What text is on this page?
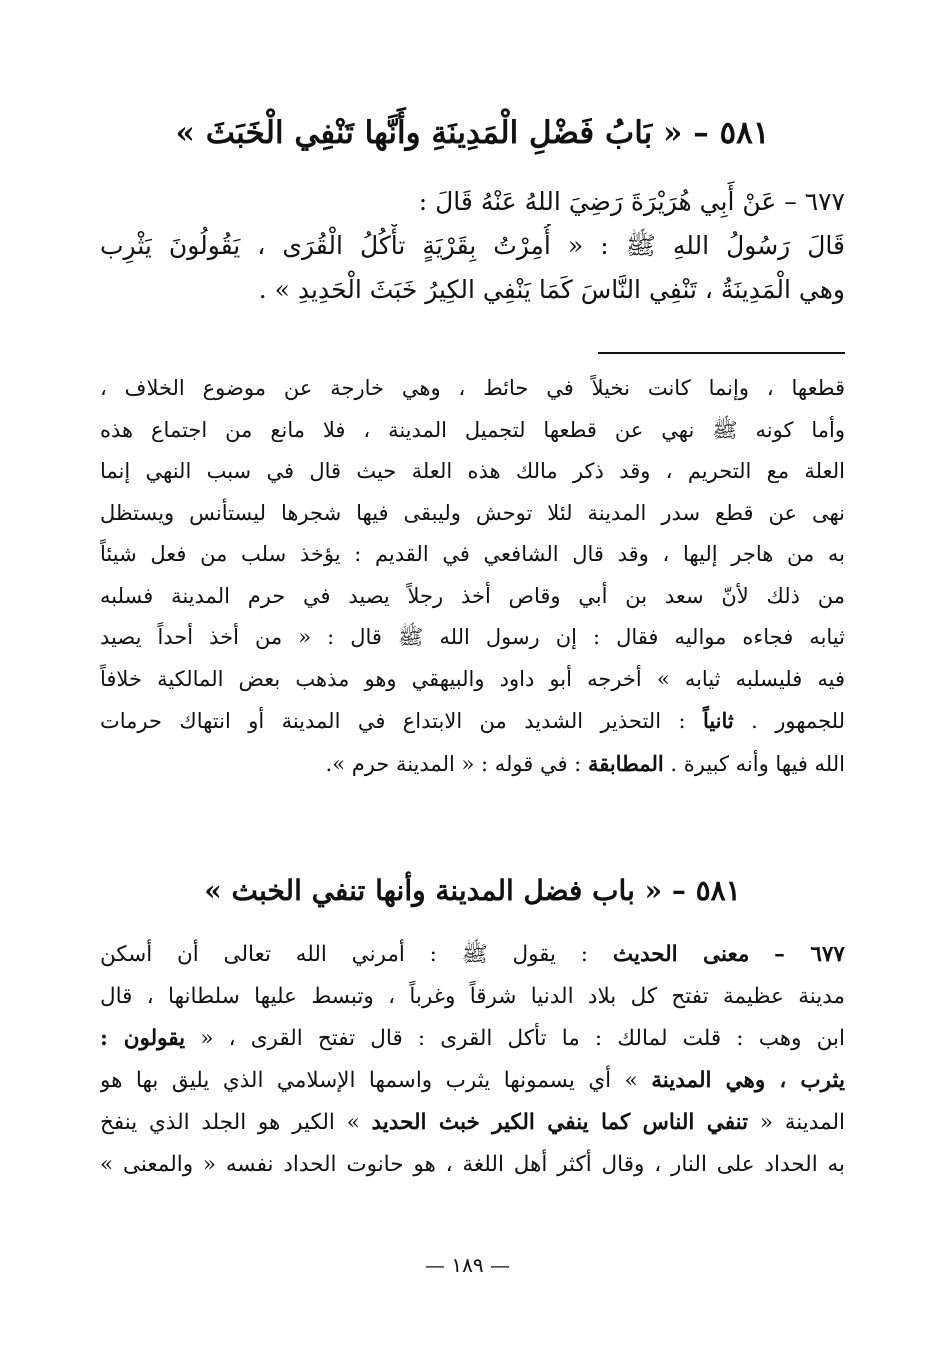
٥٨١ – « بَابُ فَضْلِ الْمَدِينَةِ وأَنَّها تَنْفِي الْخَبَثَ »
٦٧٧ – عَنْ أَبِي هُرَيْرَةَ رَضِيَ اللهُ عَنْهُ قَالَ :
قَالَ رَسُولُ اللهِ ﷺ : « أُمِرْتُ بِقَرْيَةٍ تأْكُلُ الْقُرَى ، يَقُولُونَ يَثْرِب
وهي الْمَدِينَةُ ، تَنْفِي النَّاسَ كَمَا يَنْفِي الكِيرُ خَبَثَ الْحَدِيدِ » .
قطعها ، وإنما كانت نخيلاً في حائط ، وهي خارجة عن موضوع الخلاف ،
وأما كونه ﷺ نهي عن قطعها لتجميل المدينة ، فلا مانع من اجتماع هذه
العلة مع التحريم ، وقد ذكر مالك هذه العلة حيث قال في سبب النهي إنما
نهى عن قطع سدر المدينة لئلا توحش وليبقى فيها شجرها ليستأنس ويستظل
به من هاجر إليها ، وقد قال الشافعي في القديم : يؤخذ سلب من فعل شيئاً
من ذلك لأنّ سعد بن أبي وقاص أخذ رجلاً يصيد في حرم المدينة فسلبه
ثيابه فجاءه مواليه فقال : إن رسول الله ﷺ قال : « من أخذ أحداً يصيد
فيه فليسلبه ثيابه » أخرجه أبو داود والبيهقي وهو مذهب بعض المالكية خلافاً
للجمهور . ثانياً : التحذير الشديد من الابتداع في المدينة أو انتهاك حرمات
الله فيها وأنه كبيرة . المطابقة : في قوله : « المدينة حرم ».
٥٨١ – « باب فضل المدينة وأنها تنفي الخبث »
٦٧٧ – معنى الحديث : يقول ﷺ : أمرني الله تعالى أن أسكن
مدينة عظيمة تفتح كل بلاد الدنيا شرقاً وغرباً ، وتبسط عليها سلطانها ، قال
ابن وهب : قلت لمالك : ما تأكل القرى : قال تفتح القرى ، « يقولون :
يثرب ، وهي المدينة » أي يسمونها يثرب واسمها الإسلامي الذي يليق بها هو
المدينة « تنفي الناس كما ينفي الكير خبث الحديد » الكير هو الجلد الذي ينفخ
به الحداد على النار ، وقال أكثر أهل اللغة ، هو حانوت الحداد نفسه « والمعنى »
— ١٨٩ —
